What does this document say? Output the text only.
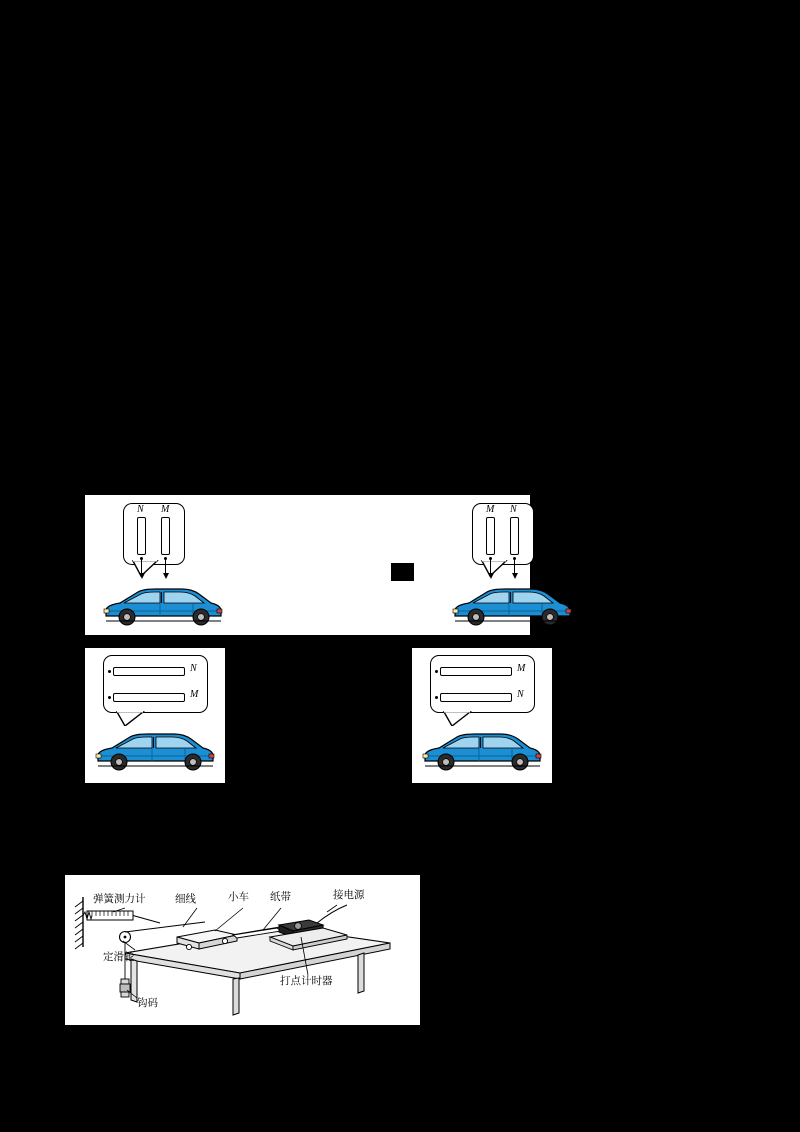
N M	M N
N
M
M
N
弹簧测力计	细线	小车 纸带	接电源
定滑轮
打点计时器
钩码
